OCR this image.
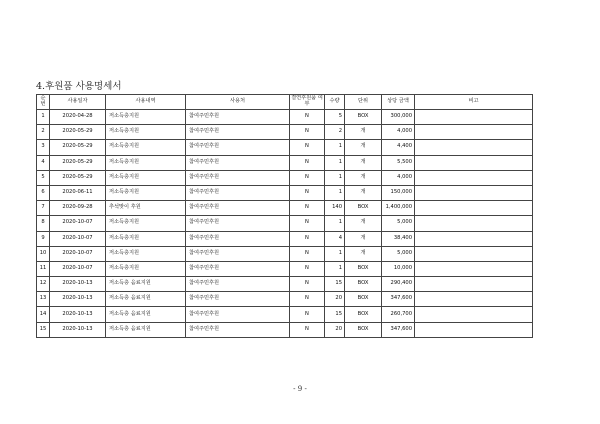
4.후원품 사용명세서
순번	사용일자	사용내역	사용처	결연후원품 여부	수량	단위	상당 금액	비고
1	2020-04-28	저소득층지원	참여주민후원	N	5	BOX	300,000	
2	2020-05-29	저소득층지원	참여주민후원	N	2	개	4,000	
3	2020-05-29	저소득층지원	참여주민후원	N	1	개	4,400	
4	2020-05-29	저소득층지원	참여주민후원	N	1	개	5,500	
5	2020-05-29	저소득층지원	참여주민후원	N	1	개	4,000	
6	2020-06-11	저소득층지원	참여주민후원	N	1	개	150,000	
7	2020-09-28	추석맞이 후원	참여주민후원	N	140	BOX	1,400,000	
8	2020-10-07	저소득층지원	참여주민후원	N	1	개	5,000	
9	2020-10-07	저소득층지원	참여주민후원	N	4	개	38,400	
10	2020-10-07	저소득층지원	참여주민후원	N	1	개	5,000	
11	2020-10-07	저소득층지원	참여주민후원	N	1	BOX	10,000	
12	2020-10-13	저소득층 음료지원	참여주민후원	N	15	BOX	290,400	
13	2020-10-13	저소득층 음료지원	참여주민후원	N	20	BOX	347,600	
14	2020-10-13	저소득층 음료지원	참여주민후원	N	15	BOX	260,700	
15	2020-10-13	저소득층 음료지원	참여주민후원	N	20	BOX	347,600	
- 9 -
